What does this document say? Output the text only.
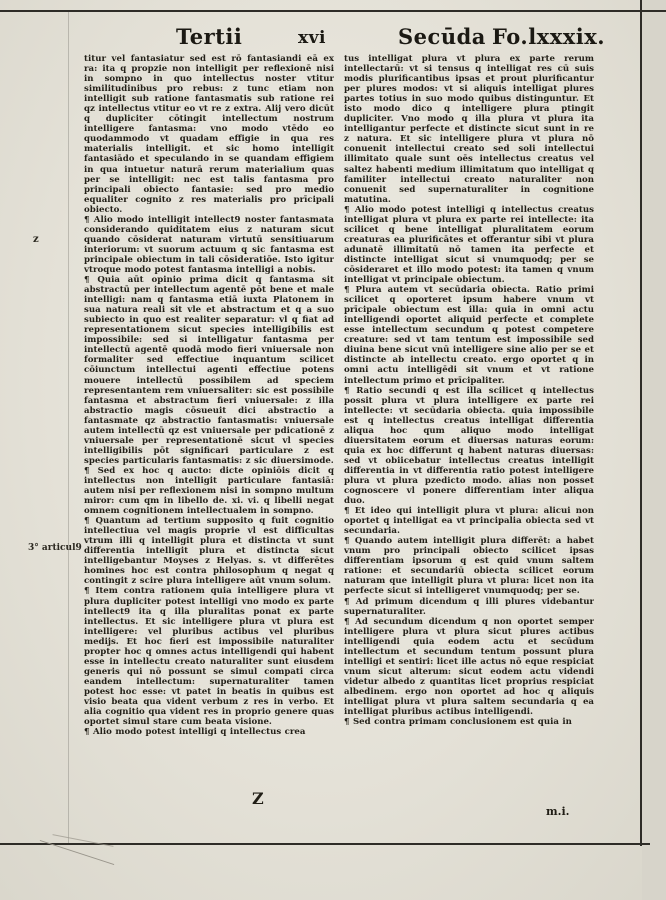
Tertii	xvi	Secūda Fo.lxxxix.
z
3° articul9

titur vel fantasiatur sed est rō fantasiandi eā ex ra: ita q propzie non intelligit per reflexionē nisi in sompno in quo intellectus noster vtitur similitudinibus pro rebus: z tunc etiam non intelligit sub ratione fantasmatis sub ratione rei qz intellectus vtitur eo vt re z extra. Alij vero dicūt q dupliciter cōtingit intellectum nostrum intelligere fantasma: vno modo vtēdo eo quodammodo vt quadam effigie in qua res materialis intelligit. et sic homo intelligit fantasiādo et speculando in se quandam effigiem in qua intuetur naturā rerum materialium quas per se intelligit: nec est talis fantasma pro principali obiecto fantasie: sed pro medio equaliter cognito z res materialis pro prīcipali obiecto.

¶ Alio modo intelligit intellect9 noster fantasmata considerando quiditatem eius z naturam sicut quando cōsiderat naturam virtutū sensitiuarum interiorum: vt suorum actuum q sic fantasma est principale obiectum in tali cōsideratiōe. Isto igitur vtroque modo potest fantasma intelligi a nobis.

¶ Quia aūt opinio prima dicit q fantasma sit abstractū per intellectum agentē pōt bene et male intelligi: nam q fantasma etiā iuxta Platonem in sua natura reali sit vle et abstractum et q a suo subiecto in quo est realiter separatur: vl q fiat ad representationem sicut species intelligibilis est impossibile: sed si intelligatur fantasma per intellectū agentē quodā modo fieri vniuersale non formaliter sed effectiue inquantum scilicet cōiunctum intellectui agenti effectiue potens mouere intellectū possibilem ad speciem representantem rem vniuersaliter: sic est possibile fantasma et abstractum fieri vniuersale: z illa abstractio magis cōsueuit dici abstractio a fantasmate qz abstractio fantasmatis: vniuersale autem intellectū qz est vniuersale per pdicationē z vniuersale per representationē sicut vl species intelligibilis pōt significari particulare z est species particularis fantasmatis: z sic diuersimode.

¶ Sed ex hoc q aucto: dicte opiniōis dicit q intellectus non intelligit particulare fantasiā: autem nisi per reflexionem nisi in sompno multum miror: cum qm in libello de. xi. vi. q libelli negat omnem cognitionem intellectualem in sompno.

¶ Quantum ad tertium supposito q fuit cognitio intellectiua vel magis proprie vl est difficultas vtrum illi q intelligit plura et distincta vt sunt differentia intelligit plura et distincta sicut intelligebantur Moyses z Helyas. s. vt differētes homines hoc est contra philosophum q negat q contingit z scire plura intelligere aūt vnum solum.

¶ Item contra rationem quia intelligere plura vt plura dupliciter potest intelligi vno modo ex parte intellect9 ita q illa pluralitas ponat ex parte intellectus. Et sic intelligere plura vt plura est intelligere: vel pluribus actibus vel pluribus medijs. Et hoc fieri est impossibile naturaliter propter hoc q omnes actus intelligendi qui habent esse in intellectu creato naturaliter sunt eiusdem generis qui nō possunt se simul compati circa eandem intellectum: supernaturaliter tamen potest hoc esse: vt patet in beatis in quibus est visio beata qua vident verbum z res in verbo. Et alia cognitio qua vident res in proprio genere quas oportet simul stare cum beata visione.

¶ Alio modo potest intelligi q intellectus crea

tus intelligat plura vt plura ex parte rerum intellectarū: vt si tensus q intelligat res cū suis modis plurificantibus ipsas et prout plurificantur per plures modos: vt si aliquis intelligat plures partes totius in suo modo quibus distinguntur. Et isto modo dico q intelligere plura ptingit dupliciter. Vno modo q illa plura vt plura ita intelligantur perfecte et distincte sicut sunt in re z natura. Et sic intelligere plura vt plura nō conuenit intellectui creato sed soli intellectui illimitato quale sunt oēs intellectus creatus vel saltez habenti medium illimitatum quo intelligat q familiter intellectui creato naturaliter non conuenit sed supernaturaliter in cognitione matutina.

¶ Alio modo potest intelligi q intellectus creatus intelligat plura vt plura ex parte rei intellecte: ita scilicet q bene intelligat pluralitatem eorum creaturas ea plurificātes et offerantur sibi vt plura adunatē illimitatū nō tamen ita perfecte et distincte intelligat sicut si vnumquodq; per se cōsideraret et illo modo potest: ita tamen q vnum intelligat vt principale obiectum.

¶ Plura autem vt secūdaria obiecta. Ratio primi scilicet q oporteret ipsum habere vnum vt prīcipale obiectum est illa: quia in omni actu intelligendi oportet aliquid perfecte et complete esse intellectum secundum q potest competere creature: sed vt tam tentum est impossibile sed diuina bene sicut vnū intelligere sine alio per se et distincte ab intellectu creato. ergo oportet q in omni actu intelligēdi sit vnum et vt ratione intellectum primo et prīcipaliter.

¶ Ratio secundi q est illa scilicet q intellectus possit plura vt plura intelligere ex parte rei intellecte: vt secūdaria obiecta. quia impossibile est q intellectus creatus intelligat differentia aliqua hoc qum aliquo modo intelligat diuersitatem eorum et diuersas naturas eorum: quia ex hoc differunt q habent naturas diuersas: sed vt obiicebatur intellectus creatus intelligit differentia in vt differentia ratio potest intelligere plura vt plura pzedicto modo. alias non posset cognoscere vl ponere differentiam inter aliqua duo.

¶ Et ideo qui intelligit plura vt plura: alicui non oportet q intelligat ea vt principalia obiecta sed vt secundaria.

¶ Quando autem intelligit plura differēt: a habet vnum pro principali obiecto scilicet ipsas differentiam ipsorum q est quid vnum saltem ratione: et secundariū obiecta scilicet eorum naturam que intelligit plura vt plura: licet non ita perfecte sicut si intelligeret vnumquodq; per se.

¶ Ad primum dicendum q illi plures videbantur supernaturaliter.

¶ Ad secundum dicendum q non oportet semper intelligere plura vt plura sicut plures actibus intelligendi quia eodem actu et secūdum intellectum et secundum tentum possunt plura intelligi et sentiri: licet ille actus nō eque respiciat vnum sicut alterum: sicut eodem actu videndi videtur albedo z quantitas licet proprius respiciat albedinem. ergo non oportet ad hoc q aliquis intelligat plura vt plura saltem secundaria q ea intelligat pluribus actibus intelligendi.

¶ Sed contra primam conclusionem est quia in

Z
m.i.
